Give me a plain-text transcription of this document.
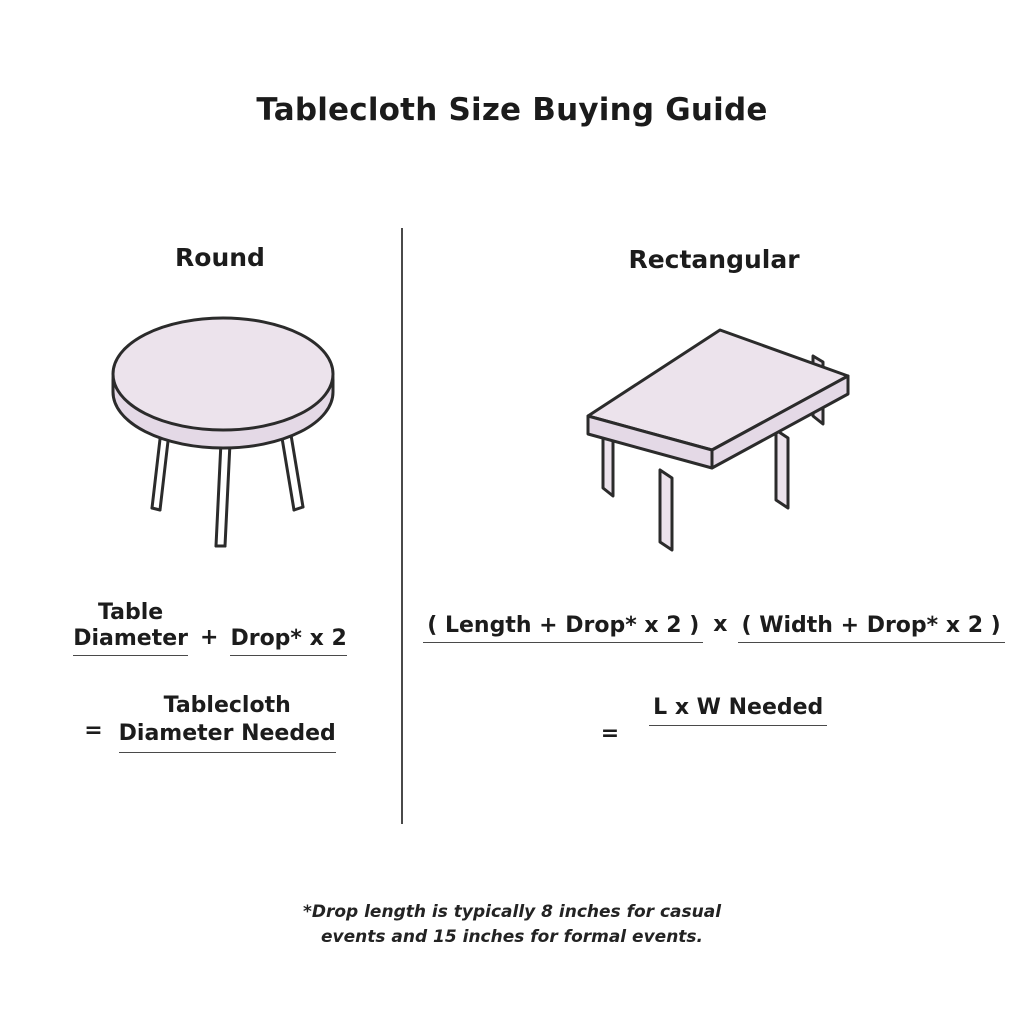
Tablecloth Size Buying Guide
Round	Rectangular
Table
Diameter + Drop* x 2
=
Tablecloth
Diameter Needed
( Length + Drop* x 2 ) x ( Width + Drop* x 2 )
=
L x W Needed
*Drop length is typically 8 inches for casual
events and 15 inches for formal events.
